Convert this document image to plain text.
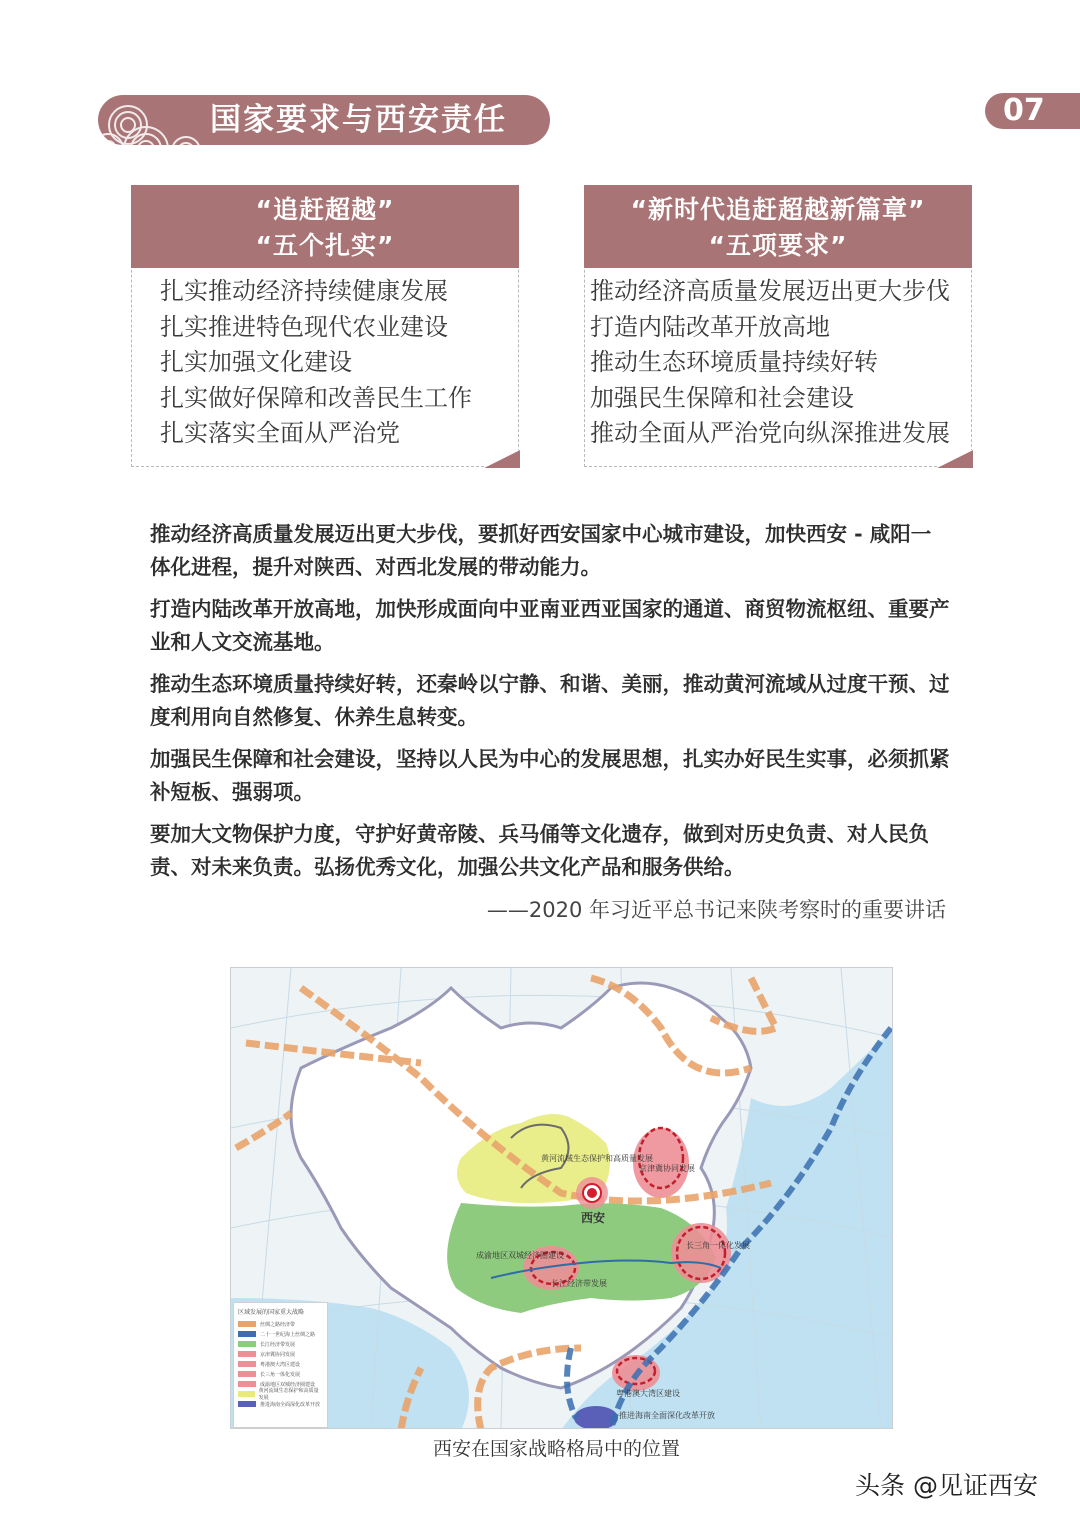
国家要求与西安责任	07
“追赶超越”
“五个扎实”
扎实推动经济持续健康发展
扎实推进特色现代农业建设
扎实加强文化建设
扎实做好保障和改善民生工作
扎实落实全面从严治党
“新时代追赶超越新篇章”
“五项要求”
推动经济高质量发展迈出更大步伐
打造内陆改革开放高地
推动生态环境质量持续好转
加强民生保障和社会建设
推动全面从严治党向纵深推进发展

推动经济高质量发展迈出更大步伐，要抓好西安国家中心城市建设，加快西安 - 咸阳一体化进程，提升对陕西、对西北发展的带动能力。

打造内陆改革开放高地，加快形成面向中亚南亚西亚国家的通道、商贸物流枢纽、重要产业和人文交流基地。

推动生态环境质量持续好转，还秦岭以宁静、和谐、美丽，推动黄河流域从过度干预、过度利用向自然修复、休养生息转变。

加强民生保障和社会建设，坚持以人民为中心的发展思想，扎实办好民生实事，必须抓紧补短板、强弱项。

要加大文物保护力度，守护好黄帝陵、兵马俑等文化遗存，做到对历史负责、对人民负责、对未来负责。弘扬优秀文化，加强公共文化产品和服务供给。

——2020 年习近平总书记来陕考察时的重要讲话
西安
黄河流域生态保护和高质量发展
京津冀协同发展
长三角一体化发展
成渝地区双城经济圈建设
长江经济带发展
粤港澳大湾区建设
推进海南全面深化改革开放
区域发展的国家重大战略
丝绸之路经济带
二十一世纪海上丝绸之路
长江经济带发展
京津冀协同发展
粤港澳大湾区建设
长三角一体化发展
成渝地区双城经济圈建设
黄河流域生态保护和高质量发展
推进海南全面深化改革开放
西安在国家战略格局中的位置
头条 @见证西安
